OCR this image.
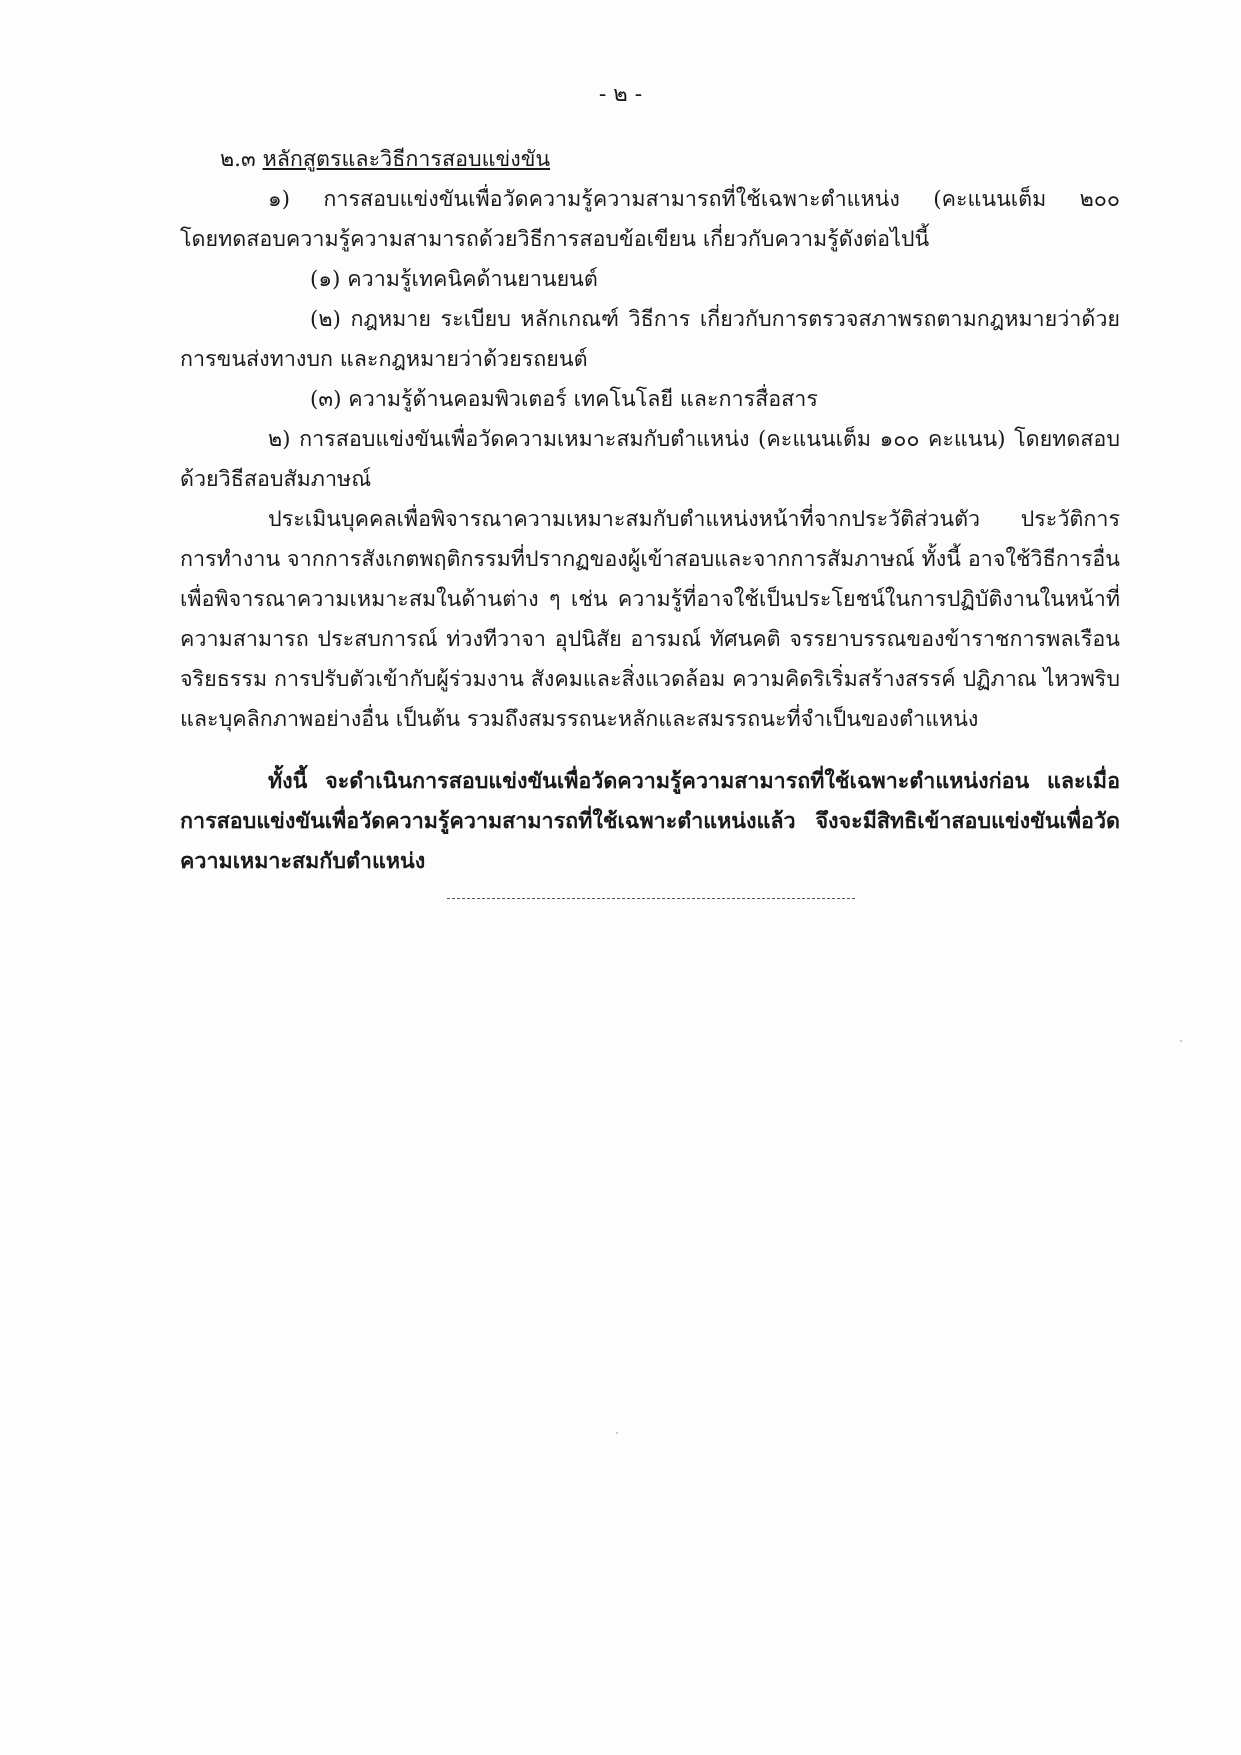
- ๒ -
๒.๓ หลักสูตรและวิธีการสอบแข่งขัน
๑) การสอบแข่งขันเพื่อวัดความรู้ความสามารถที่ใช้เฉพาะตำแหน่ง (คะแนนเต็ม ๒๐๐
โดยทดสอบความรู้ความสามารถด้วยวิธีการสอบข้อเขียน เกี่ยวกับความรู้ดังต่อไปนี้
(๑) ความรู้เทคนิคด้านยานยนต์
(๒) กฎหมาย ระเบียบ หลักเกณฑ์ วิธีการ เกี่ยวกับการตรวจสภาพรถตามกฎหมายว่าด้วย
การขนส่งทางบก และกฎหมายว่าด้วยรถยนต์
(๓) ความรู้ด้านคอมพิวเตอร์ เทคโนโลยี และการสื่อสาร
๒) การสอบแข่งขันเพื่อวัดความเหมาะสมกับตำแหน่ง (คะแนนเต็ม ๑๐๐ คะแนน) โดยทดสอบ
ด้วยวิธีสอบสัมภาษณ์
ประเมินบุคคลเพื่อพิจารณาความเหมาะสมกับตำแหน่งหน้าที่จากประวัติส่วนตัว ประวัติการ
การทำงาน จากการสังเกตพฤติกรรมที่ปรากฏของผู้เข้าสอบและจากการสัมภาษณ์ ทั้งนี้ อาจใช้วิธีการอื่น
เพื่อพิจารณาความเหมาะสมในด้านต่าง ๆ เช่น ความรู้ที่อาจใช้เป็นประโยชน์ในการปฏิบัติงานในหน้าที่
ความสามารถ ประสบการณ์ ท่วงทีวาจา อุปนิสัย อารมณ์ ทัศนคติ จรรยาบรรณของข้าราชการพลเรือน
จริยธรรม การปรับตัวเข้ากับผู้ร่วมงาน สังคมและสิ่งแวดล้อม ความคิดริเริ่มสร้างสรรค์ ปฏิภาณ ไหวพริบ
และบุคลิกภาพอย่างอื่น เป็นต้น รวมถึงสมรรถนะหลักและสมรรถนะที่จำเป็นของตำแหน่ง
ทั้งนี้ จะดำเนินการสอบแข่งขันเพื่อวัดความรู้ความสามารถที่ใช้เฉพาะตำแหน่งก่อน และเมื่อ
การสอบแข่งขันเพื่อวัดความรู้ความสามารถที่ใช้เฉพาะตำแหน่งแล้ว จึงจะมีสิทธิเข้าสอบแข่งขันเพื่อวัด
ความเหมาะสมกับตำแหน่ง
